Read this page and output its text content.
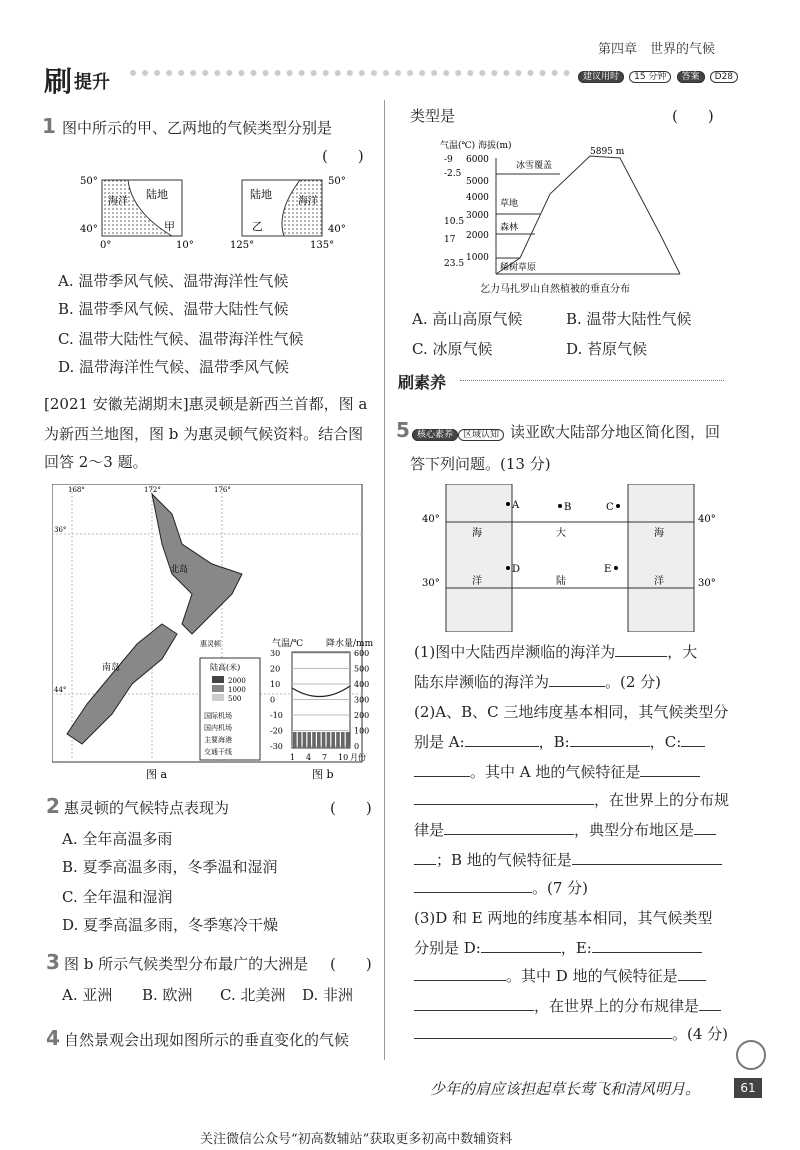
刷 提升
第四章　世界的气候
建议用时 15 分钟 答案 D28
1 图中所示的甲、乙两地的气候类型分别是
(　　)
50°
40°
0°	10°
海洋
陆地
甲
50°
40°
125°	135°
陆地
海洋
乙
A. 温带季风气候、温带海洋性气候
B. 温带季风气候、温带大陆性气候
C. 温带大陆性气候、温带海洋性气候
D. 温带海洋性气候、温带季风气候
[2021 安徽芜湖期末]惠灵顿是新西兰首都，图 a
为新西兰地图，图 b 为惠灵顿气候资料。结合图
回答 2～3 题。
168°	172°	176°
36°
44°
北岛
南岛
惠灵顿
陆高(米)
2000
1000
500
国际机场
国内机场
主要海港
交通干线
图 a
气温/℃	降水量/mm
30	600
20	500
10	400
0	300
-10	200
-20	100
-30	0
1 4 7 10 月份
图 b
2 惠灵顿的气候特点表现为	(　　)
A. 全年高温多雨
B. 夏季高温多雨，冬季温和湿润
C. 全年温和湿润
D. 夏季高温多雨，冬季寒冷干燥
3 图 b 所示气候类型分布最广的大洲是 (　　)
A. 亚洲 B. 欧洲 C. 北美洲 D. 非洲
4 自然景观会出现如图所示的垂直变化的气候
类型是	(　　)
气温(℃) 海拔(m)
-9
-2.5
10.5
17
23.5
6000
5000
4000
3000
2000
1000
冰雪覆盖
草地
森林
稀树草原
5895 m
乞力马扎罗山自然植被的垂直分布
A. 高山高原气候	B. 温带大陆性气候
C. 冰原气候	D. 苔原气候
刷素养
5 核心素养 区域认知 读亚欧大陆部分地区简化图，回
答下列问题。(13 分)
40°	40°
30°	30°
海
洋
海
洋
大
陆
A	B	C
D	E
(1)图中大陆西岸濒临的海洋为	，大
陆东岸濒临的海洋为	。(2 分)
(2)A、B、C 三地纬度基本相同，其气候类型分
别是 A:	，B:	，C:
。其中 A 地的气候特征是
，在世界上的分布规
律是	，典型分布地区是
；B 地的气候特征是
。(7 分)
(3)D 和 E 两地的纬度基本相同，其气候类型
分别是 D:	，E:
。其中 D 地的气候特征是
，在世界上的分布规律是
。(4 分)
少年的肩应该担起草长莺飞和清风明月。	61
关注微信公众号“初高数辅站”获取更多初高中数辅资料
